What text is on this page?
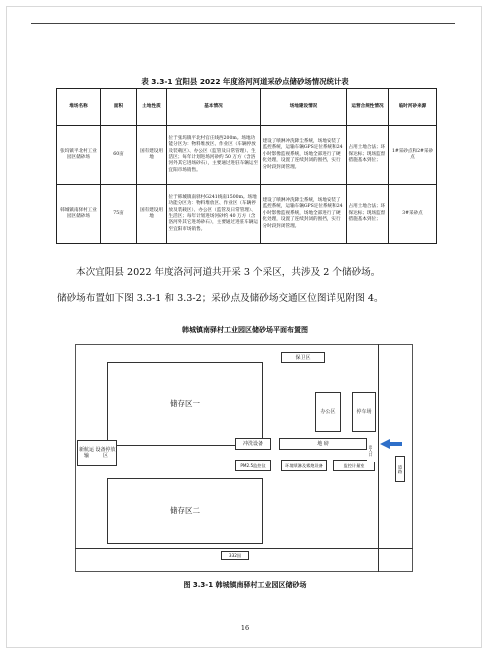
表 3.3-1 宜阳县 2022 年度洛河河道采砂点储砂场情况统计表
堆场名称	面积	土地性质	基本情况	场地建设情况	运营合规性情况	临时河砂来源
张坞镇平北村工业园区储砂场	60亩	国有建设用地	位于张坞镇平北村官庄线西200m。场地功能分区为：物料堆放区、作业区（车辆停放及装载区）、办公区（监管及日常管理）、生活区；每年计划进场河砂约 50 万方（含洛河外其它进场砂石），主要通过进驻车辆运至宜阳市场销售。	建设了喷淋冲洗降尘系统，场地安装了监控系统，运输车辆GPS定位系统和24小时影像监视系统，场地全部进行了硬化处理，设置了连续封闭的围挡，实行分时段封闭管理。	占用土地合法；环保达标；现场监督措施基本到位；	1#采砂点和2#采砂点
韩城镇南驿村工业园区储砂场	75亩	国有建设用地	位于韩城镇南驿村G241线南1500m。场地功能分区为：物料堆放区、作业区（车辆停放及装载区）、办公区（监管及日常管理）、生活区；每年计划进场河砂约 40 万方（含洛河外其它进场砂石），主要通过进驻车辆运至宜阳市场销售。	建设了喷淋冲洗降尘系统，场地安装了监控系统，运输车辆GPS定位系统和24小时影像监视系统，场地全部进行了硬化处理，设置了连续封闭的围挡，实行分时段封闭管理。	占用土地合法；环保达标；现场监督措施基本到位；	3#采砂点
本次宜阳县 2022 年度洛河河道共开采 3 个采区，共涉及 2 个储砂场。
储砂场布置如下图 3.3-1 和 3.3-2；采砂点及储砂场交通区位图详见附图 4。
韩城镇南驿村工业园区储砂场平面布置图
储存区一
储存区二
新航运输

设备停放区
保卫区
办公区	停车场
冲洗设备	地 磅
PM2.5监控仪	环境喷淋及雾炮设备	监控计量室
出入口
332国
道路
图 3.3-1 韩城镇南驿村工业园区储砂场
16
